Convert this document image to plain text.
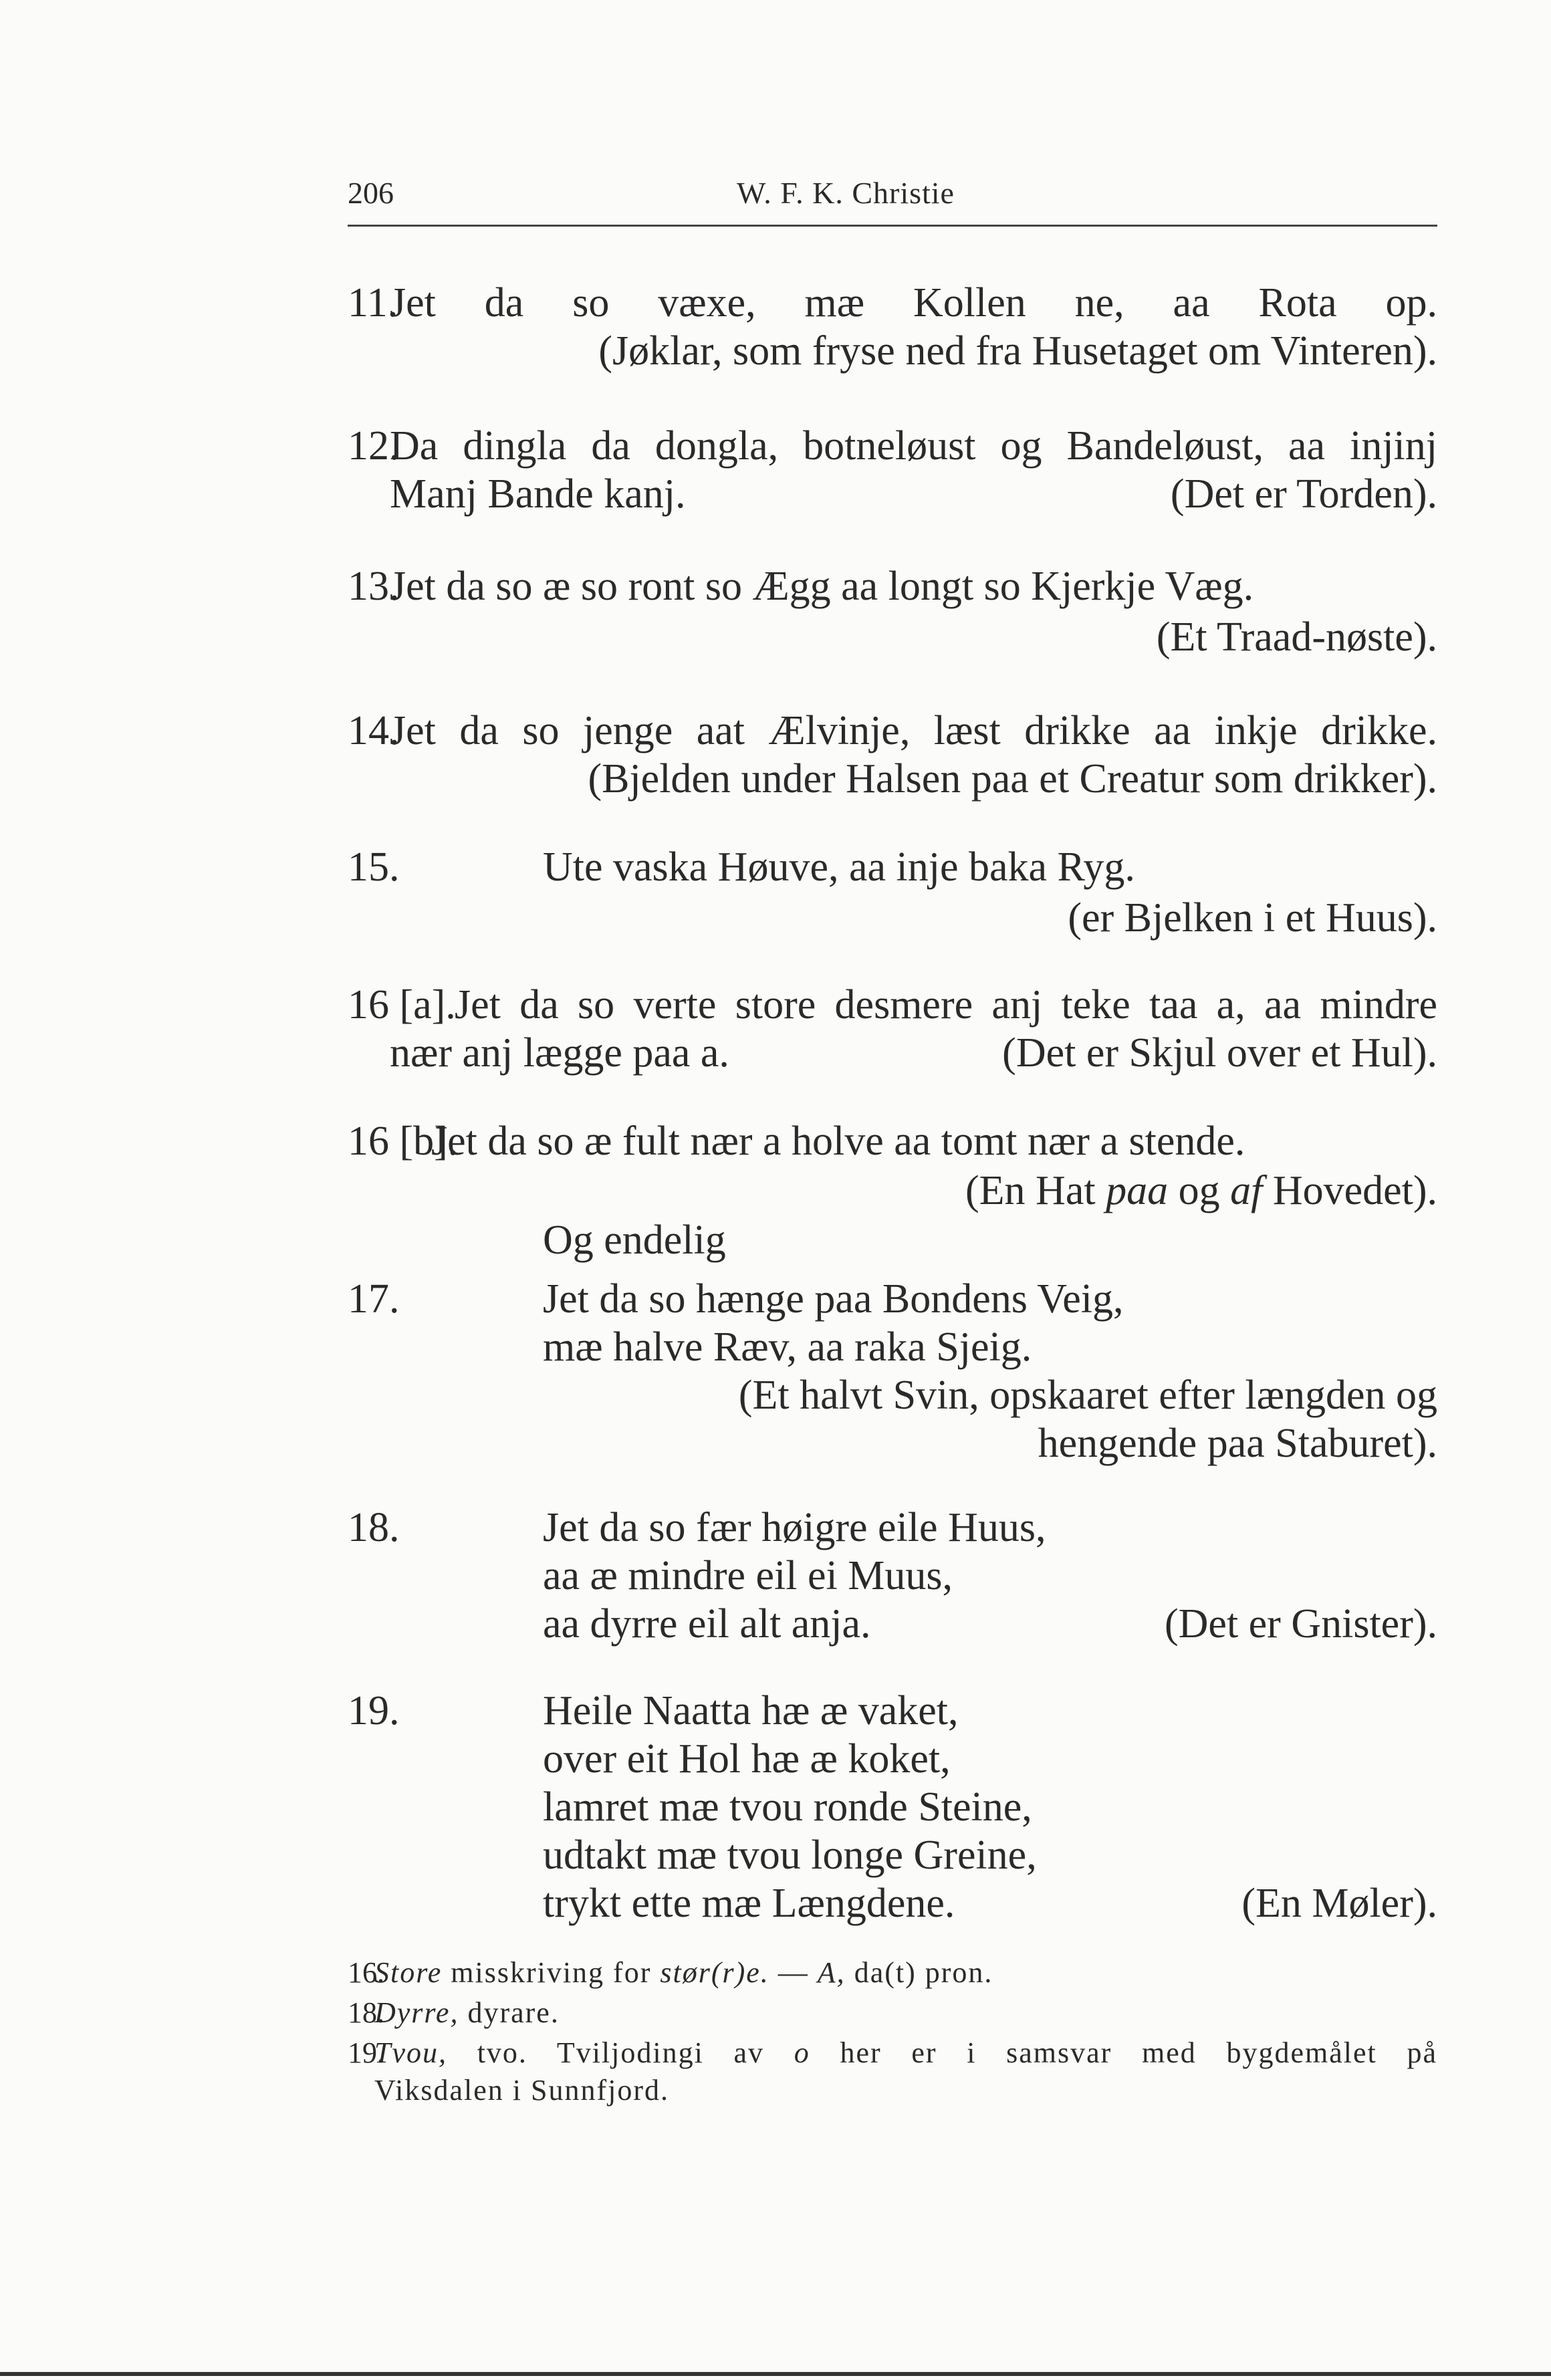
206	W. F. K. Christie
11.
Jet da so væxe, mæ Kollen ne, aa Rota op.
(Jøklar, som fryse ned fra Husetaget om Vinteren).
12.
Da dingla da dongla, botneløust og Bandeløust, aa injinj
Manj Bande kanj.	(Det er Torden).
13.
Jet da so æ so ront so Ægg aa longt so Kjerkje Væg.
(Et Traad-nøste).
14.
Jet da so jenge aat Ælvinje, læst drikke aa inkje drikke.
(Bjelden under Halsen paa et Creatur som drikker).
15.	Ute vaska Høuve, aa inje baka Ryg.
(er Bjelken i et Huus).
16 [a].
Jet da so verte store desmere anj teke taa a, aa mindre
nær anj lægge paa a.	(Det er Skjul over et Hul).
16 [b].
Jet da so æ fult nær a holve aa tomt nær a stende.
(En Hat paa og af Hovedet).
Og endelig
17.	Jet da so hænge paa Bondens Veig,
mæ halve Ræv, aa raka Sjeig.
(Et halvt Svin, opskaaret efter længden og
hengende paa Staburet).
18.	Jet da so fær høigre eile Huus,
aa æ mindre eil ei Muus,
aa dyrre eil alt anja.	(Det er Gnister).
19.	Heile Naatta hæ æ vaket,
over eit Hol hæ æ koket,
lamret mæ tvou ronde Steine,
udtakt mæ tvou longe Greine,
trykt ette mæ Længdene.	(En Møler).
16.
Store misskriving for stør(r)e. — A, da(t) pron.
18.
Dyrre, dyrare.
19.
Tvou, tvo. Tviljodingi av o her er i samsvar med bygdemålet på
Viksdalen i Sunnfjord.
